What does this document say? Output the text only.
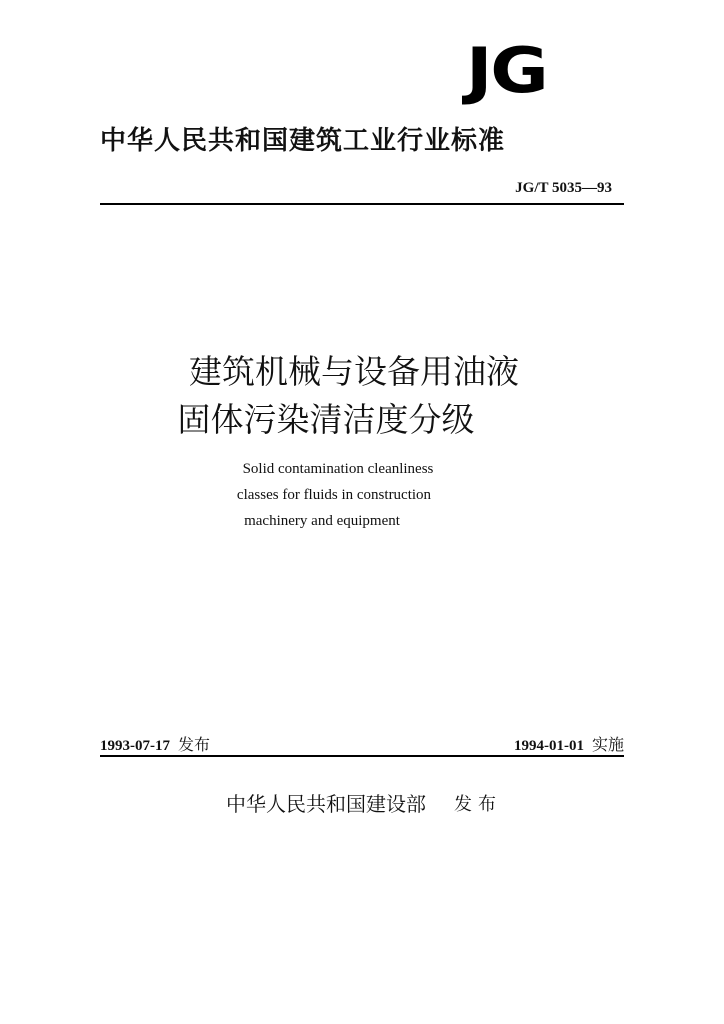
JG
中华人民共和国建筑工业行业标准
JG/T 5035—93
建筑机械与设备用油液
固体污染清洁度分级
Solid contamination cleanliness
classes for fluids in construction
machinery and equipment
1993-07-17 发布	1994-01-01 实施
中华人民共和国建设部 发布
